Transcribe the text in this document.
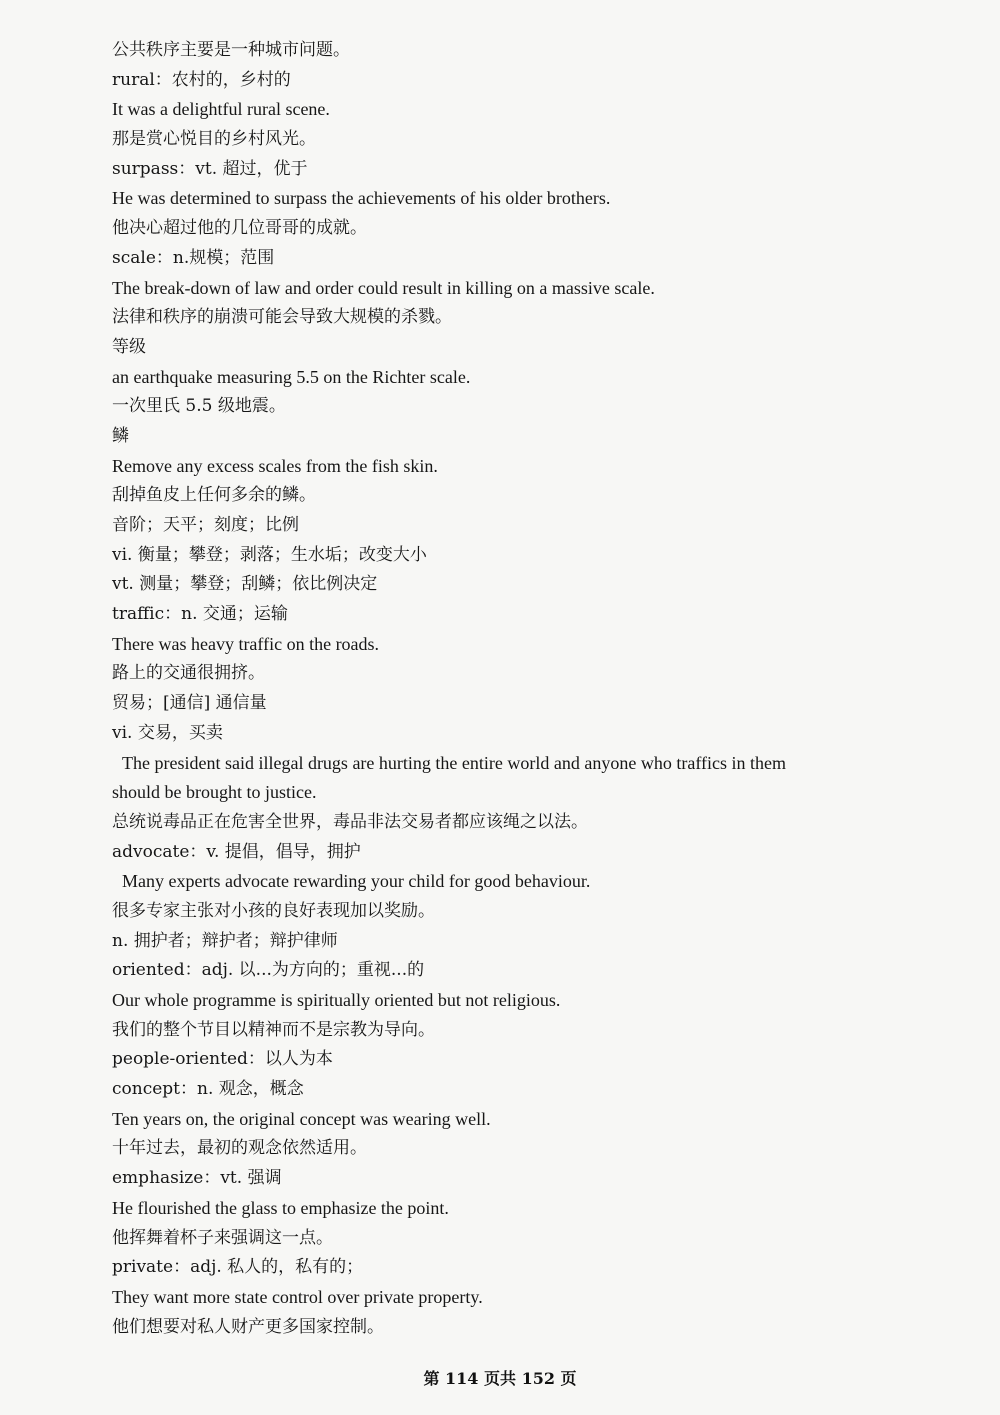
公共秩序主要是一种城市问题。
rural：农村的，乡村的
It was a delightful rural scene.
那是赏心悦目的乡村风光。
surpass：vt. 超过，优于
He was determined to surpass the achievements of his older brothers.
他决心超过他的几位哥哥的成就。
scale：n.规模；范围
The break-down of law and order could result in killing on a massive scale.
法律和秩序的崩溃可能会导致大规模的杀戮。
等级
an earthquake measuring 5.5 on the Richter scale.
一次里氏 5.5 级地震。
鳞
Remove any excess scales from the fish skin.
刮掉鱼皮上任何多余的鳞。
音阶；天平；刻度；比例
vi. 衡量；攀登；剥落；生水垢；改变大小
vt. 测量；攀登；刮鳞；依比例决定
traffic：n. 交通；运输
There was heavy traffic on the roads.
路上的交通很拥挤。
贸易；[通信] 通信量
vi. 交易，买卖
The president said illegal drugs are hurting the entire world and anyone who traffics in them
should be brought to justice.
总统说毒品正在危害全世界，毒品非法交易者都应该绳之以法。
advocate：v. 提倡，倡导，拥护
Many experts advocate rewarding your child for good behaviour.
很多专家主张对小孩的良好表现加以奖励。
n. 拥护者；辩护者；辩护律师
oriented：adj. 以...为方向的；重视...的
Our whole programme is spiritually oriented but not religious.
我们的整个节目以精神而不是宗教为导向。
people-oriented：以人为本
concept：n. 观念，概念
Ten years on, the original concept was wearing well.
十年过去，最初的观念依然适用。
emphasize：vt. 强调
He flourished the glass to emphasize the point.
他挥舞着杯子来强调这一点。
private：adj. 私人的，私有的；
They want more state control over private property.
他们想要对私人财产更多国家控制。
第 114 页共 152 页
